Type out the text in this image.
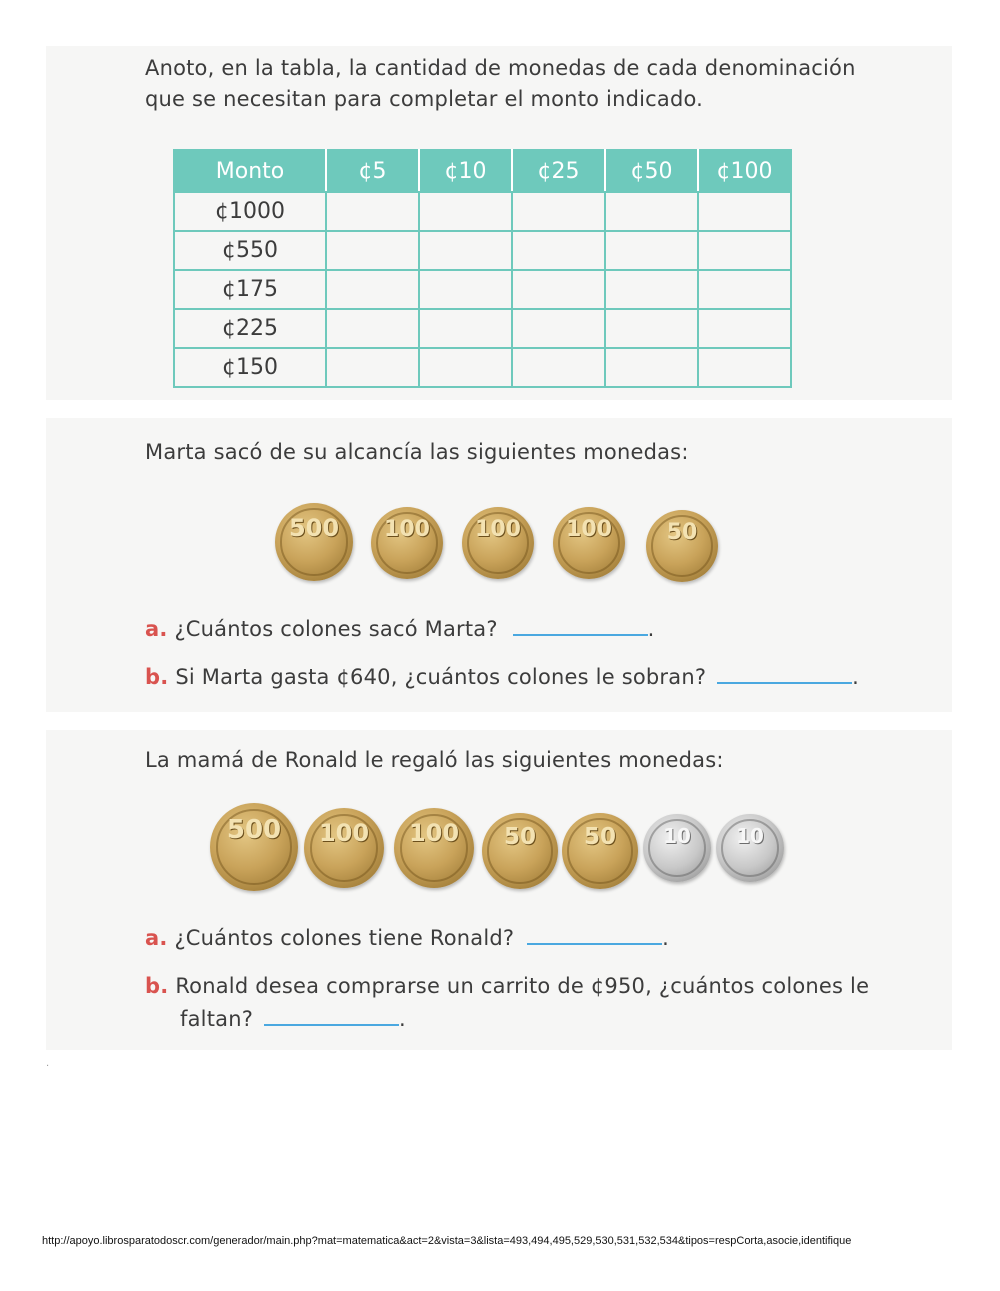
Anoto, en la tabla, la cantidad de monedas de cada denominación
que se necesitan para completar el monto indicado.
Monto	¢5	¢10	¢25	¢50	¢100
¢1000					
¢550					
¢175					
¢225					
¢150					
Marta sacó de su alcancía las siguientes monedas:
500	100	100	100	50
a. ¿Cuántos colones sacó Marta?	.
b. Si Marta gasta ¢640, ¿cuántos colones le sobran?	.
La mamá de Ronald le regaló las siguientes monedas:
500	100	100	50	50	10	10
a. ¿Cuántos colones tiene Ronald?	.
b. Ronald desea comprarse un carrito de ¢950, ¿cuántos colones le
faltan?	.
.
http://apoyo.librosparatodoscr.com/generador/main.php?mat=matematica&act=2&vista=3&lista=493,494,495,529,530,531,532,534&tipos=respCorta,asocie,identifique
